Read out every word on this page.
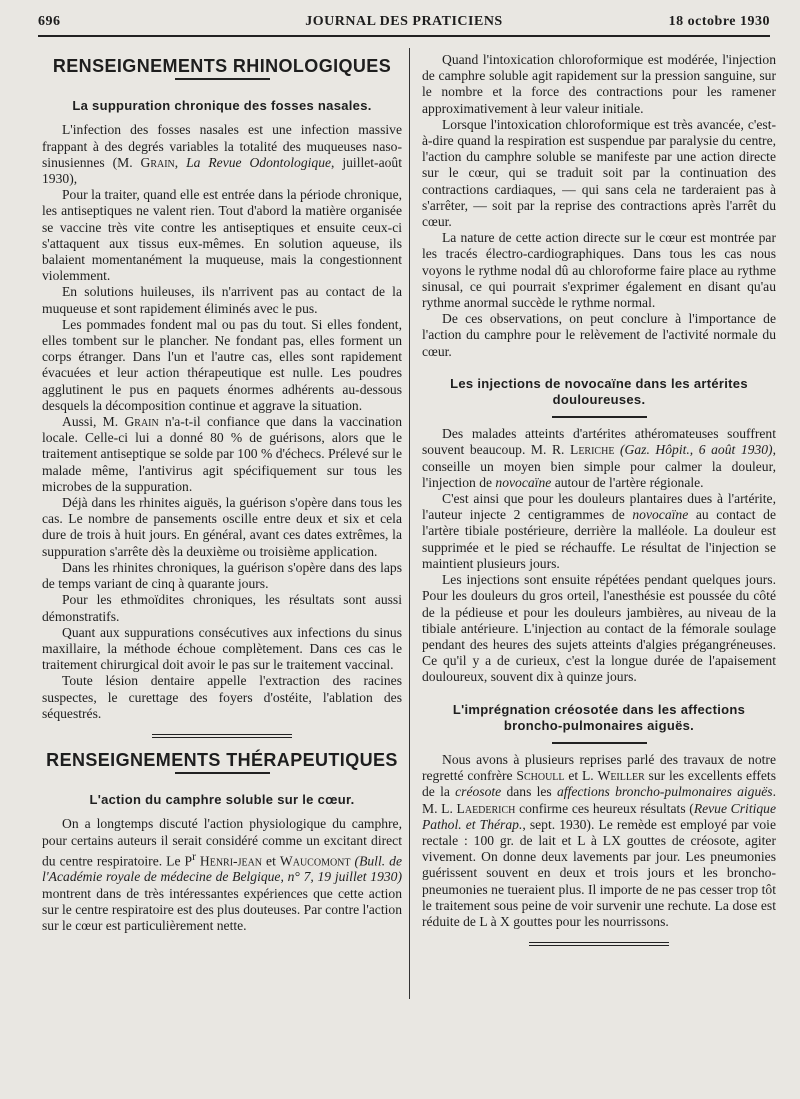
696	JOURNAL DES PRATICIENS	18 octobre 1930
RENSEIGNEMENTS RHINOLOGIQUES
La suppuration chronique des fosses nasales.

L'infection des fosses nasales est une infection massive frappant à des degrés variables la totalité des muqueuses naso-sinusiennes (M. Grain, La Revue Odontologique, juillet-août 1930),

Pour la traiter, quand elle est entrée dans la période chronique, les antiseptiques ne valent rien. Tout d'abord la matière organisée se vaccine très vite contre les antiseptiques et ensuite ceux-ci s'attaquent aux tissus eux-mêmes. En solution aqueuse, ils balaient momentanément la muqueuse, mais la congestionnent violemment.

En solutions huileuses, ils n'arrivent pas au contact de la muqueuse et sont rapidement éliminés avec le pus.

Les pommades fondent mal ou pas du tout. Si elles fondent, elles tombent sur le plancher. Ne fondant pas, elles forment un corps étranger. Dans l'un et l'autre cas, elles sont rapidement évacuées et leur action thérapeutique est nulle. Les poudres agglutinent le pus en paquets énormes adhérents au-dessous desquels la décomposition continue et aggrave la situation.

Aussi, M. Grain n'a-t-il confiance que dans la vaccination locale. Celle-ci lui a donné 80 % de guérisons, alors que le traitement antiseptique se solde par 100 % d'échecs. Prélevé sur le malade même, l'antivirus agit spécifiquement sur tous les microbes de la suppuration.

Déjà dans les rhinites aiguës, la guérison s'opère dans tous les cas. Le nombre de pansements oscille entre deux et six et cela dure de trois à huit jours. En général, avant ces dates extrêmes, la suppuration s'arrête dès la deuxième ou troisième application.

Dans les rhinites chroniques, la guérison s'opère dans des laps de temps variant de cinq à quarante jours.

Pour les ethmoïdites chroniques, les résultats sont aussi démonstratifs.

Quant aux suppurations consécutives aux infections du sinus maxillaire, la méthode échoue complètement. Dans ces cas le traitement chirurgical doit avoir le pas sur le traitement vaccinal.

Toute lésion dentaire appelle l'extraction des racines suspectes, le curettage des foyers d'ostéite, l'ablation des séquestrés.

RENSEIGNEMENTS THÉRAPEUTIQUES
L'action du camphre soluble sur le cœur.

On a longtemps discuté l'action physiologique du camphre, pour certains auteurs il serait considéré comme un excitant direct du centre respiratoire. Le $P^r$ Henri-jean et Waucomont (Bull. de l'Académie royale de médecine de Belgique, n° 7, 19 juillet 1930) montrent dans de très intéressantes expériences que cette action sur le centre respiratoire est des plus douteuses. Par contre l'action sur le cœur est particulièrement nette.

Quand l'intoxication chloroformique est modérée, l'injection de camphre soluble agit rapidement sur la pression sanguine, sur le nombre et la force des contractions pour les ramener approximativement à leur valeur initiale.

Lorsque l'intoxication chloroformique est très avancée, c'est-à-dire quand la respiration est suspendue par paralysie du centre, l'action du camphre soluble se manifeste par une action directe sur le cœur, qui se traduit soit par la continuation des contractions cardiaques, — qui sans cela ne tarderaient pas à s'arrêter, — soit par la reprise des contractions après l'arrêt du cœur.

La nature de cette action directe sur le cœur est montrée par les tracés électro-cardiographiques. Dans tous les cas nous voyons le rythme nodal dû au chloroforme faire place au rythme sinusal, ce qui pourrait s'exprimer également en disant qu'au rythme anormal succède le rythme normal.

De ces observations, on peut conclure à l'importance de l'action du camphre pour le relèvement de l'activité normale du cœur.

Les injections de novocaïne dans les artérites douloureuses.

Des malades atteints d'artérites athéromateuses souffrent souvent beaucoup. M. R. Leriche (Gaz. Hôpit., 6 août 1930), conseille un moyen bien simple pour calmer la douleur, l'injection de novocaïne autour de l'artère régionale.

C'est ainsi que pour les douleurs plantaires dues à l'artérite, l'auteur injecte 2 centigrammes de novocaïne au contact de l'artère tibiale postérieure, derrière la malléole. La douleur est supprimée et le pied se réchauffe. Le résultat de l'injection se maintient plusieurs jours.

Les injections sont ensuite répétées pendant quelques jours. Pour les douleurs du gros orteil, l'anesthésie est poussée du côté de la pédieuse et pour les douleurs jambières, au niveau de la tibiale antérieure. L'injection au contact de la fémorale soulage pendant des heures des sujets atteints d'algies prégangréneuses. Ce qu'il y a de curieux, c'est la longue durée de l'apaisement douloureux, souvent dix à quinze jours.

L'imprégnation créosotée dans les affections broncho-pulmonaires aiguës.

Nous avons à plusieurs reprises parlé des travaux de notre regretté confrère Schoull et L. Weiller sur les excellents effets de la créosote dans les affections broncho-pulmonaires aiguës. M. L. Laederich confirme ces heureux résultats (Revue Critique Pathol. et Thérap., sept. 1930). Le remède est employé par voie rectale : 100 gr. de lait et L à LX gouttes de créosote, agiter vivement. On donne deux lavements par jour. Les pneumonies guérissent souvent en deux et trois jours et les broncho-pneumonies ne tueraient plus. Il importe de ne pas cesser trop tôt le traitement sous peine de voir survenir une rechute. La dose est réduite de L à X gouttes pour les nourrissons.
